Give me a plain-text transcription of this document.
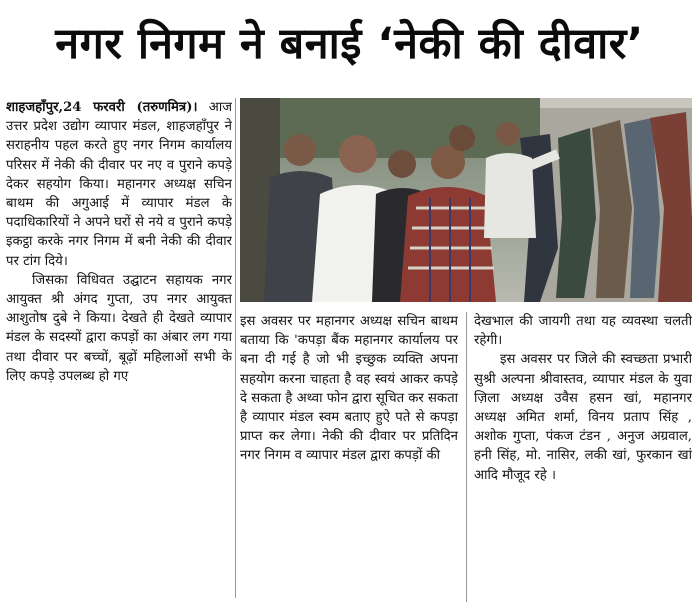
नगर निगम ने बनाई ‘नेकी की दीवार’

शाहजहाँपुर,24 फरवरी (तरुणमित्र)। आज उत्तर प्रदेश उद्योग व्यापार मंडल, शाहजहाँपुर ने सराहनीय पहल करते हुए नगर निगम कार्यालय परिसर में नेकी की दीवार पर नए व पुराने कपड़े देकर सहयोग किया। महानगर अध्यक्ष सचिन बाथम की अगुआई में व्यापार मंडल के पदाधिकारियों ने अपने घरों से नये व पुराने कपड़े इकट्ठा करके नगर निगम में बनी नेकी की दीवार पर टांग दिये।

जिसका विधिवत उद्घाटन सहायक नगर आयुक्त श्री अंगद गुप्ता, उप नगर आयुक्त आशुतोष दुबे ने किया। देखते ही देखते व्यापार मंडल के सदस्यों द्वारा कपड़ों का अंबार लग गया तथा दीवार पर बच्चों, बूढ़ों महिलाओं सभी के लिए कपड़े उपलब्ध हो गए

इस अवसर पर महानगर अध्यक्ष सचिन बाथम बताया कि 'कपड़ा बैंक महानगर कार्यालय पर बना दी गई है जो भी इच्छुक व्यक्ति अपना सहयोग करना चाहता है वह स्वयं आकर कपड़े दे सकता है अथ्वा फोन द्वारा सूचित कर सकता है व्यापार मंडल स्वम बताए हुऐ पते से कपड़ा प्राप्त कर लेगा। नेकी की दीवार पर प्रतिदिन नगर निगम व व्यापार मंडल द्वारा कपड़ों की

देखभाल की जायगी तथा यह व्यवस्था चलती रहेगी।

इस अवसर पर जिले की स्वच्छता प्रभारी सुश्री अल्पना श्रीवास्तव, व्यापार मंडल के युवा ज़िला अध्यक्ष उवैस हसन खां, महानगर अध्यक्ष अमित शर्मा, विनय प्रताप सिंह , अशोक गुप्ता, पंकज टंडन , अनुज अग्रवाल, हनी सिंह, मो. नासिर, लकी खां, फुरकान खां आदि मौजूद रहे ।
